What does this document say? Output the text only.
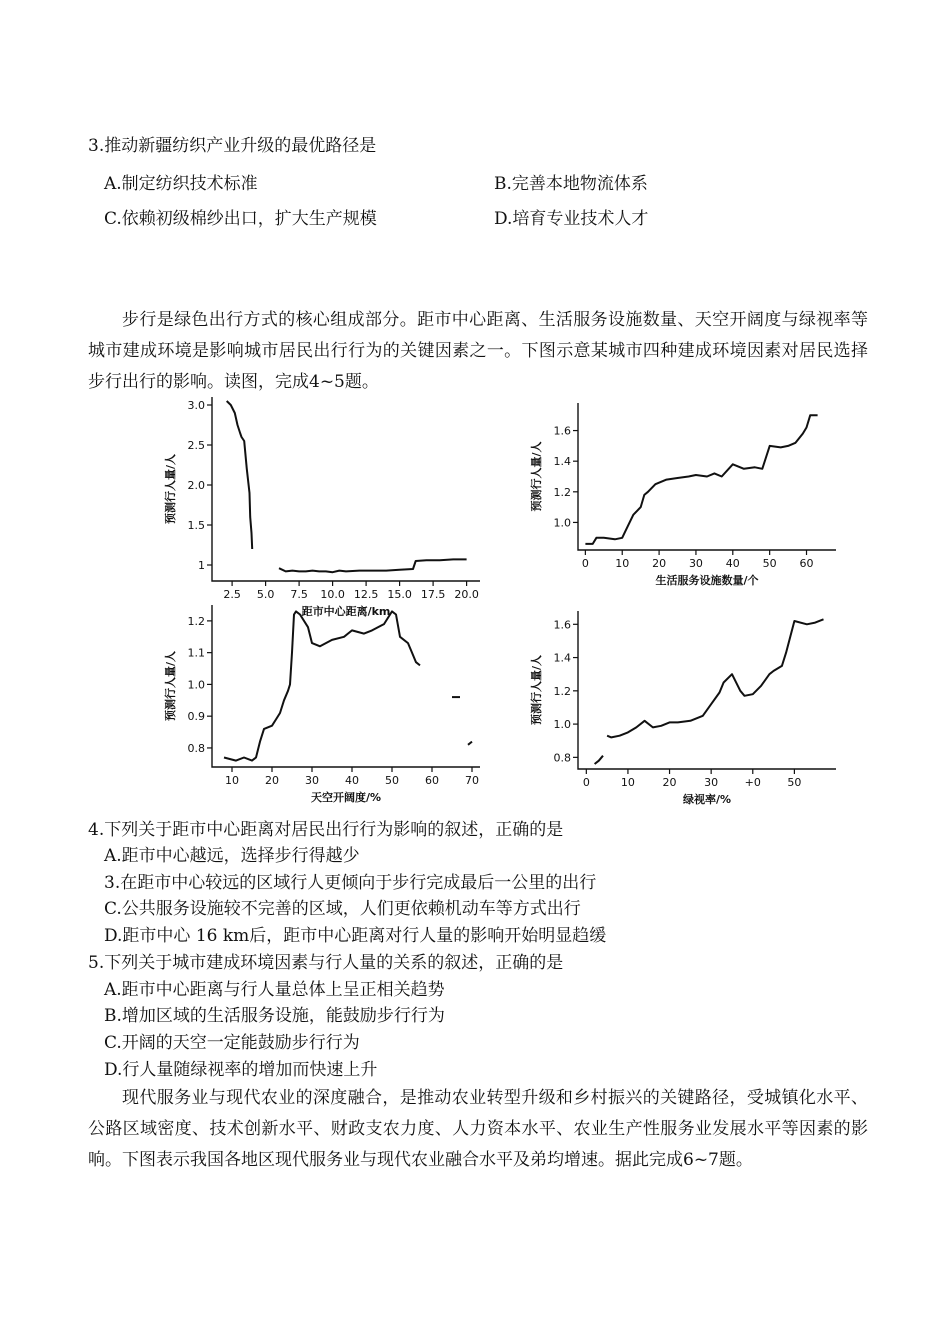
3.推动新疆纺织产业升级的最优路径是
A.制定纺织技术标准	B.完善本地物流体系
C.依赖初级棉纱出口，扩大生产规模	D.培育专业技术人才
步行是绿色出行方式的核心组成部分。距市中心距离、生活服务设施数量、天空开阔度与绿视率等城市建成环境是影响城市居民出行行为的关键因素之一。下图示意某城市四种建成环境因素对居民选择步行出行的影响。读图，完成4~5题。
3.0
2.5
2.0
1.5
1
2.5 5.0 7.5 10.0 12.5 15.0 17.5 20.0
距市中心距离/km
预测行人量/人
1.6
1.4
1.2
1.0
0 10 20 30 40 50 60
生活服务设施数量/个
预测行人量/人
1.2
1.1
1.0
0.9
0.8
10 20 30 40 50 60 70
天空开阔度/%
预测行人量/人
1.6
1.4
1.2
1.0
0.8
0	10	20	30 +0 50
绿视率/%
预测行人量/人
4.下列关于距市中心距离对居民出行行为影响的叙述，正确的是
A.距市中心越远，选择步行得越少
3.在距市中心较远的区域行人更倾向于步行完成最后一公里的出行
C.公共服务设施较不完善的区域，人们更依赖机动车等方式出行
D.距市中心 16 km后，距市中心距离对行人量的影响开始明显趋缓
5.下列关于城市建成环境因素与行人量的关系的叙述，正确的是
A.距市中心距离与行人量总体上呈正相关趋势
B.增加区域的生活服务设施，能鼓励步行行为
C.开阔的天空一定能鼓励步行行为
D.行人量随绿视率的增加而快速上升
现代服务业与现代农业的深度融合，是推动农业转型升级和乡村振兴的关键路径，受城镇化水平、公路区域密度、技术创新水平、财政支农力度、人力资本水平、农业生产性服务业发展水平等因素的影响。下图表示我国各地区现代服务业与现代农业融合水平及弟均增速。据此完成6~7题。
